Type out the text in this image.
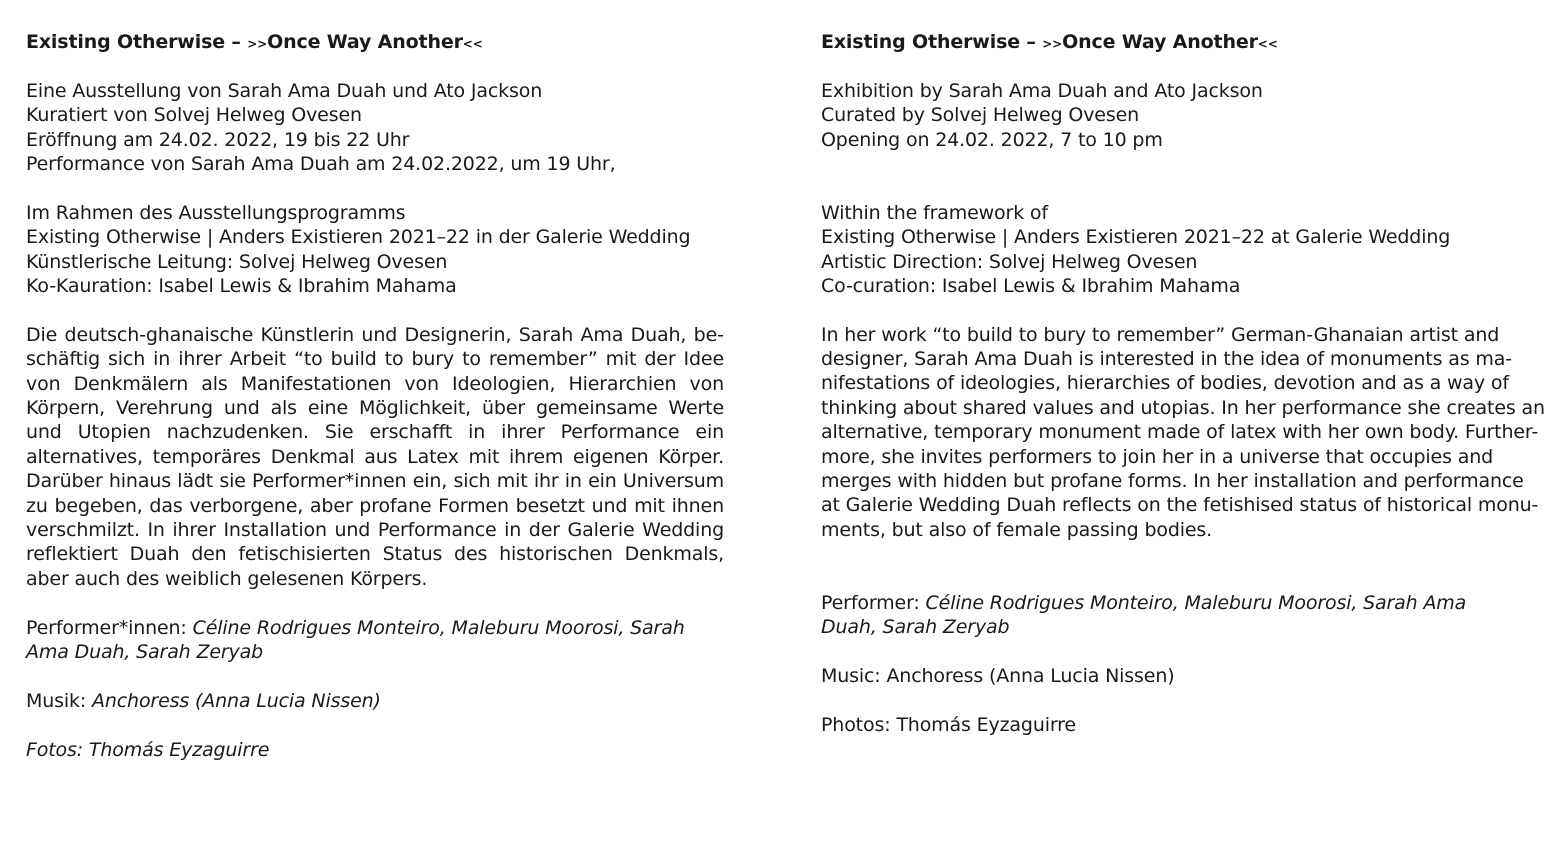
Existing Otherwise – >>Once Way Another<<

Eine Ausstellung von Sarah Ama Duah und Ato Jackson

Kuratiert von Solvej Helweg Ovesen

Eröffnung am 24.02. 2022, 19 bis 22 Uhr

Performance von Sarah Ama Duah am 24.02.2022, um 19 Uhr,

Im Rahmen des Ausstellungsprogramms

Existing Otherwise | Anders Existieren 2021–22 in der Galerie Wedding

Künstlerische Leitung: Solvej Helweg Ovesen

Ko-Kauration: Isabel Lewis & Ibrahim Mahama

Die deutsch-ghanaische Künstlerin und Designerin, Sarah Ama Duah, beschäftig sich in ihrer Arbeit “to build to bury to remember” mit der Idee von Denkmälern als Manifestationen von Ideologien, Hierarchien von Körpern, Verehrung und als eine Möglichkeit, über gemeinsame Werte und Utopien nachzudenken. Sie erschafft in ihrer Performance ein alternatives, temporäres Denkmal aus Latex mit ihrem eigenen Körper. Darüber hinaus lädt sie Performer*innen ein, sich mit ihr in ein Universum zu begeben, das verborgene, aber profane Formen besetzt und mit ihnen verschmilzt. In ihrer Installation und Performance in der Galerie Wedding reflektiert Duah den fetischisierten Status des historischen Denkmals, aber auch des weiblich gelesenen Körpers.

Performer*innen: Céline Rodrigues Monteiro, Maleburu Moorosi, Sarah Ama Duah, Sarah Zeryab

Musik: Anchoress (Anna Lucia Nissen)

Fotos: Thomás Eyzaguirre

Existing Otherwise – >>Once Way Another<<

Exhibition by Sarah Ama Duah and Ato Jackson

Curated by Solvej Helweg Ovesen

Opening on 24.02. 2022, 7 to 10 pm

Within the framework of

Existing Otherwise | Anders Existieren 2021–22 at Galerie Wedding

Artistic Direction: Solvej Helweg Ovesen

Co-curation: Isabel Lewis & Ibrahim Mahama

In her work “to build to bury to remember” German-Ghanaian artist and

designer, Sarah Ama Duah is interested in the idea of monuments as ma-

nifestations of ideologies, hierarchies of bodies, devotion and as a way of

thinking about shared values and utopias. In her performance she creates an

alternative, temporary monument made of latex with her own body. Further-

more, she invites performers to join her in a universe that occupies and

merges with hidden but profane forms. In her installation and performance

at Galerie Wedding Duah reflects on the fetishised status of historical monu-

ments, but also of female passing bodies.

Performer: Céline Rodrigues Monteiro, Maleburu Moorosi, Sarah Ama Duah, Sarah Zeryab

Music: Anchoress (Anna Lucia Nissen)

Photos: Thomás Eyzaguirre
